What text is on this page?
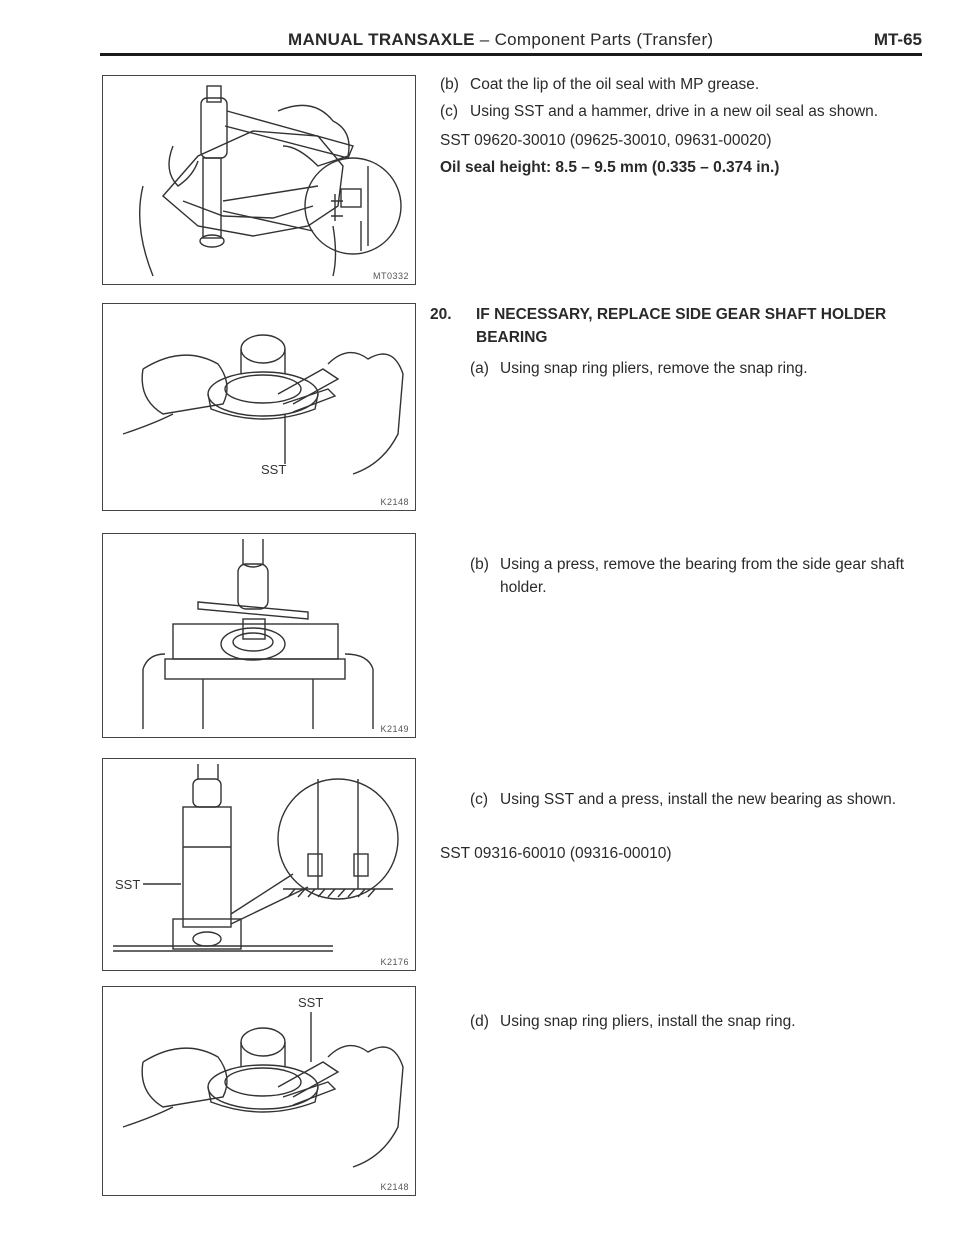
MANUAL TRANSAXLE – Component Parts (Transfer)	MT-65
MT0332
SST
K2148
K2149
SST
K2176
SST
K2148

(b) Coat the lip of the oil seal with MP grease.

(c) Using SST and a hammer, drive in a new oil seal as shown.

SST 09620-30010 (09625-30010, 09631-00020)

Oil seal height: 8.5 – 9.5 mm (0.335 – 0.374 in.)

20.	IF NECESSARY, REPLACE SIDE GEAR SHAFT HOLDER BEARING

(a) Using snap ring pliers, remove the snap ring.

(b) Using a press, remove the bearing from the side gear shaft holder.

(c) Using SST and a press, install the new bearing as shown.

SST 09316-60010 (09316-00010)

(d) Using snap ring pliers, install the snap ring.
